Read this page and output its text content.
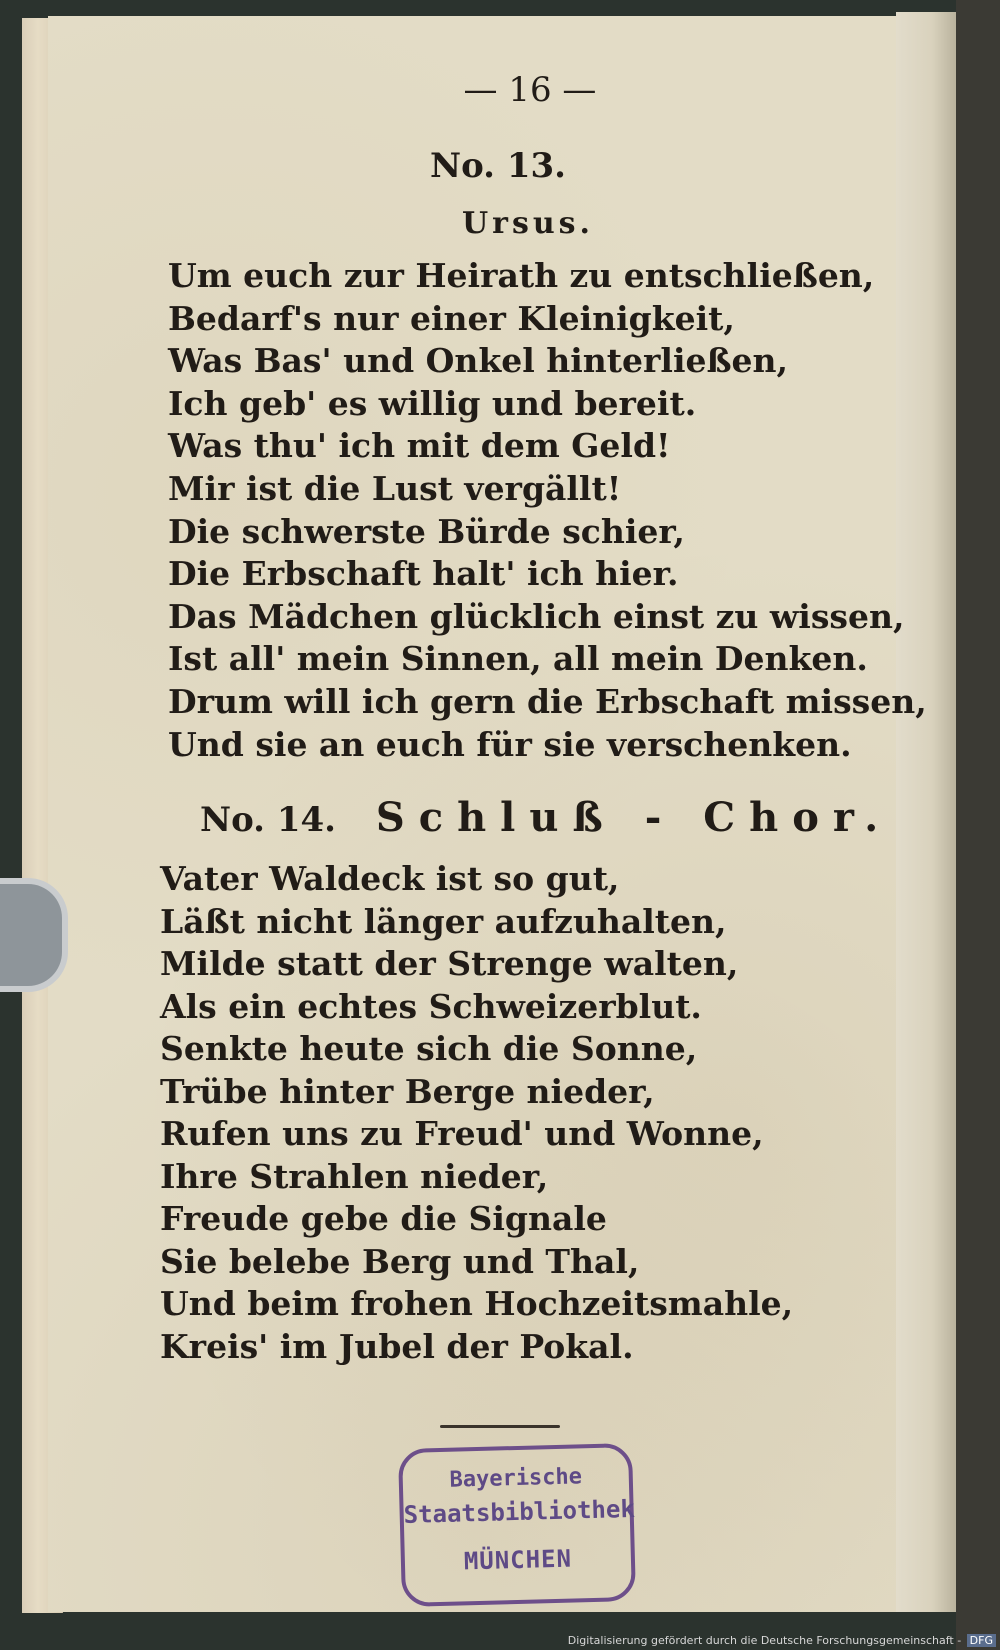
— 16 —
No. 13.
Ursus.
Um euch zur Heirath zu entschließen,
Bedarf's nur einer Kleinigkeit,
Was Bas' und Onkel hinterließen,
Ich geb' es willig und bereit.
Was thu' ich mit dem Geld!
Mir ist die Lust vergällt!
Die schwerste Bürde schier,
Die Erbschaft halt' ich hier.
Das Mädchen glücklich einst zu wissen,
Ist all' mein Sinnen, all mein Denken.
Drum will ich gern die Erbschaft missen,
Und sie an euch für sie verschenken.
No. 14. Schluß - Chor.
Vater Waldeck ist so gut,
Läßt nicht länger aufzuhalten,
Milde statt der Strenge walten,
Als ein echtes Schweizerblut.
Senkte heute sich die Sonne,
Trübe hinter Berge nieder,
Rufen uns zu Freud' und Wonne,
Ihre Strahlen nieder,
Freude gebe die Signale
Sie belebe Berg und Thal,
Und beim frohen Hochzeitsmahle,
Kreis' im Jubel der Pokal.
Bayerische
Staatsbibliothek
MÜNCHEN
Digitalisierung gefördert durch die Deutsche Forschungsgemeinschaft - DFG
